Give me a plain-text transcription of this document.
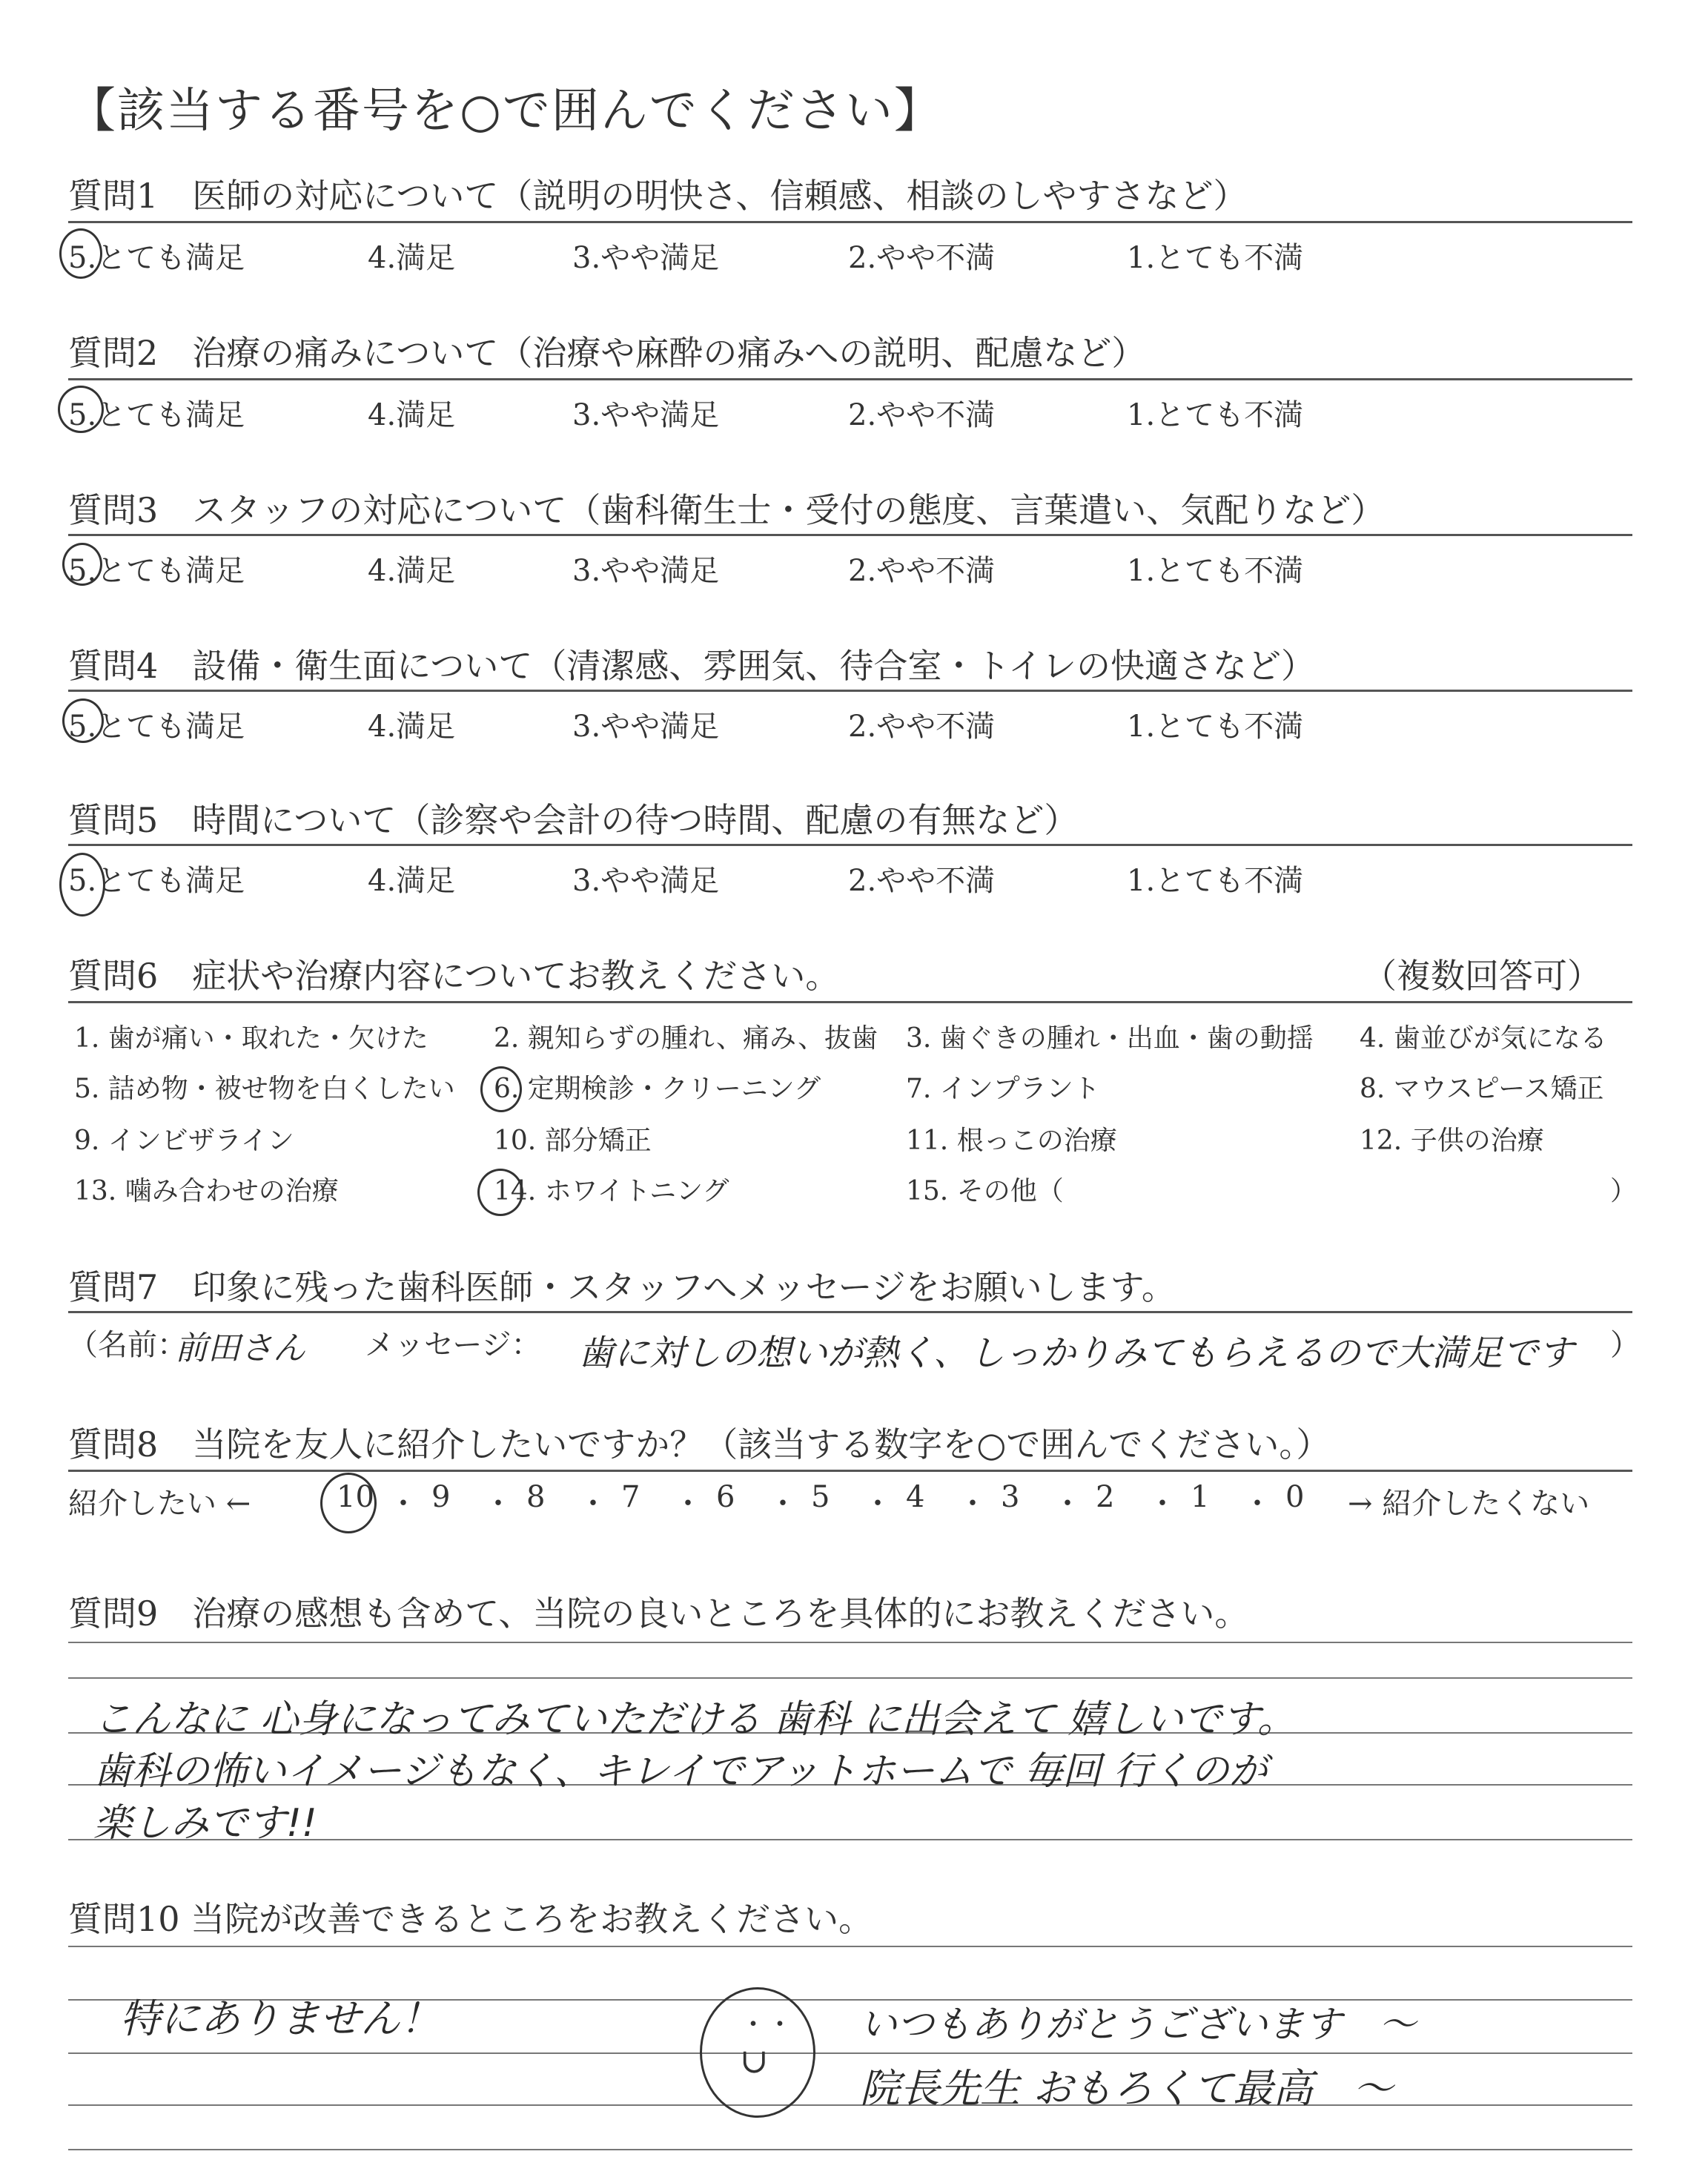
【該当する番号を○で囲んでください】
質問1　医師の対応について（説明の明快さ、信頼感、相談のしやすさなど）
5.とても満足	4.満足	3.やや満足	2.やや不満	1.とても不満
質問2　治療の痛みについて（治療や麻酔の痛みへの説明、配慮など）
5.とても満足	4.満足	3.やや満足	2.やや不満	1.とても不満
質問3　スタッフの対応について（歯科衛生士・受付の態度、言葉遣い、気配りなど）
5.とても満足	4.満足	3.やや満足	2.やや不満	1.とても不満
質問4　設備・衛生面について（清潔感、雰囲気、待合室・トイレの快適さなど）
5.とても満足	4.満足	3.やや満足	2.やや不満	1.とても不満
質問5　時間について（診察や会計の待つ時間、配慮の有無など）
5.とても満足	4.満足	3.やや満足	2.やや不満	1.とても不満
質問6　症状や治療内容についてお教えください。	（複数回答可）
1. 歯が痛い・取れた・欠けた 2. 親知らずの腫れ、痛み、抜歯 3. 歯ぐきの腫れ・出血・歯の動揺 4. 歯並びが気になる
5. 詰め物・被せ物を白くしたい 6. 定期検診・クリーニング	7. インプラント	8. マウスピース矯正
9. インビザライン	10. 部分矯正	11. 根っこの治療	12. 子供の治療
13. 噛み合わせの治療	14. ホワイトニング	15. その他（	）
質問7　印象に残った歯科医師・スタッフへメッセージをお願いします。
（名前：
前田さん メッセージ： 歯に対しの想いが熱く、しっかりみてもらえるので大満足です ）
質問8　当院を友人に紹介したいですか？（該当する数字を○で囲んでください。）
紹介したい ←	10 ・ 9 ・ 8 ・ 7 ・ 6 ・ 5 ・ 4 ・ 3 ・ 2 ・ 1 ・ 0 → 紹介したくない
質問9　治療の感想も含めて、当院の良いところを具体的にお教えください。
こんなに 心身になってみていただける 歯科 に出会えて 嬉しいです。
歯科の怖いイメージもなく、キレイでアットホームで 毎回 行くのが
楽しみです!!
質問10 当院が改善できるところをお教えください。
特にありません！	・・
∪
いつもありがとうございます　〜
院長先生 おもろくて最高　〜
